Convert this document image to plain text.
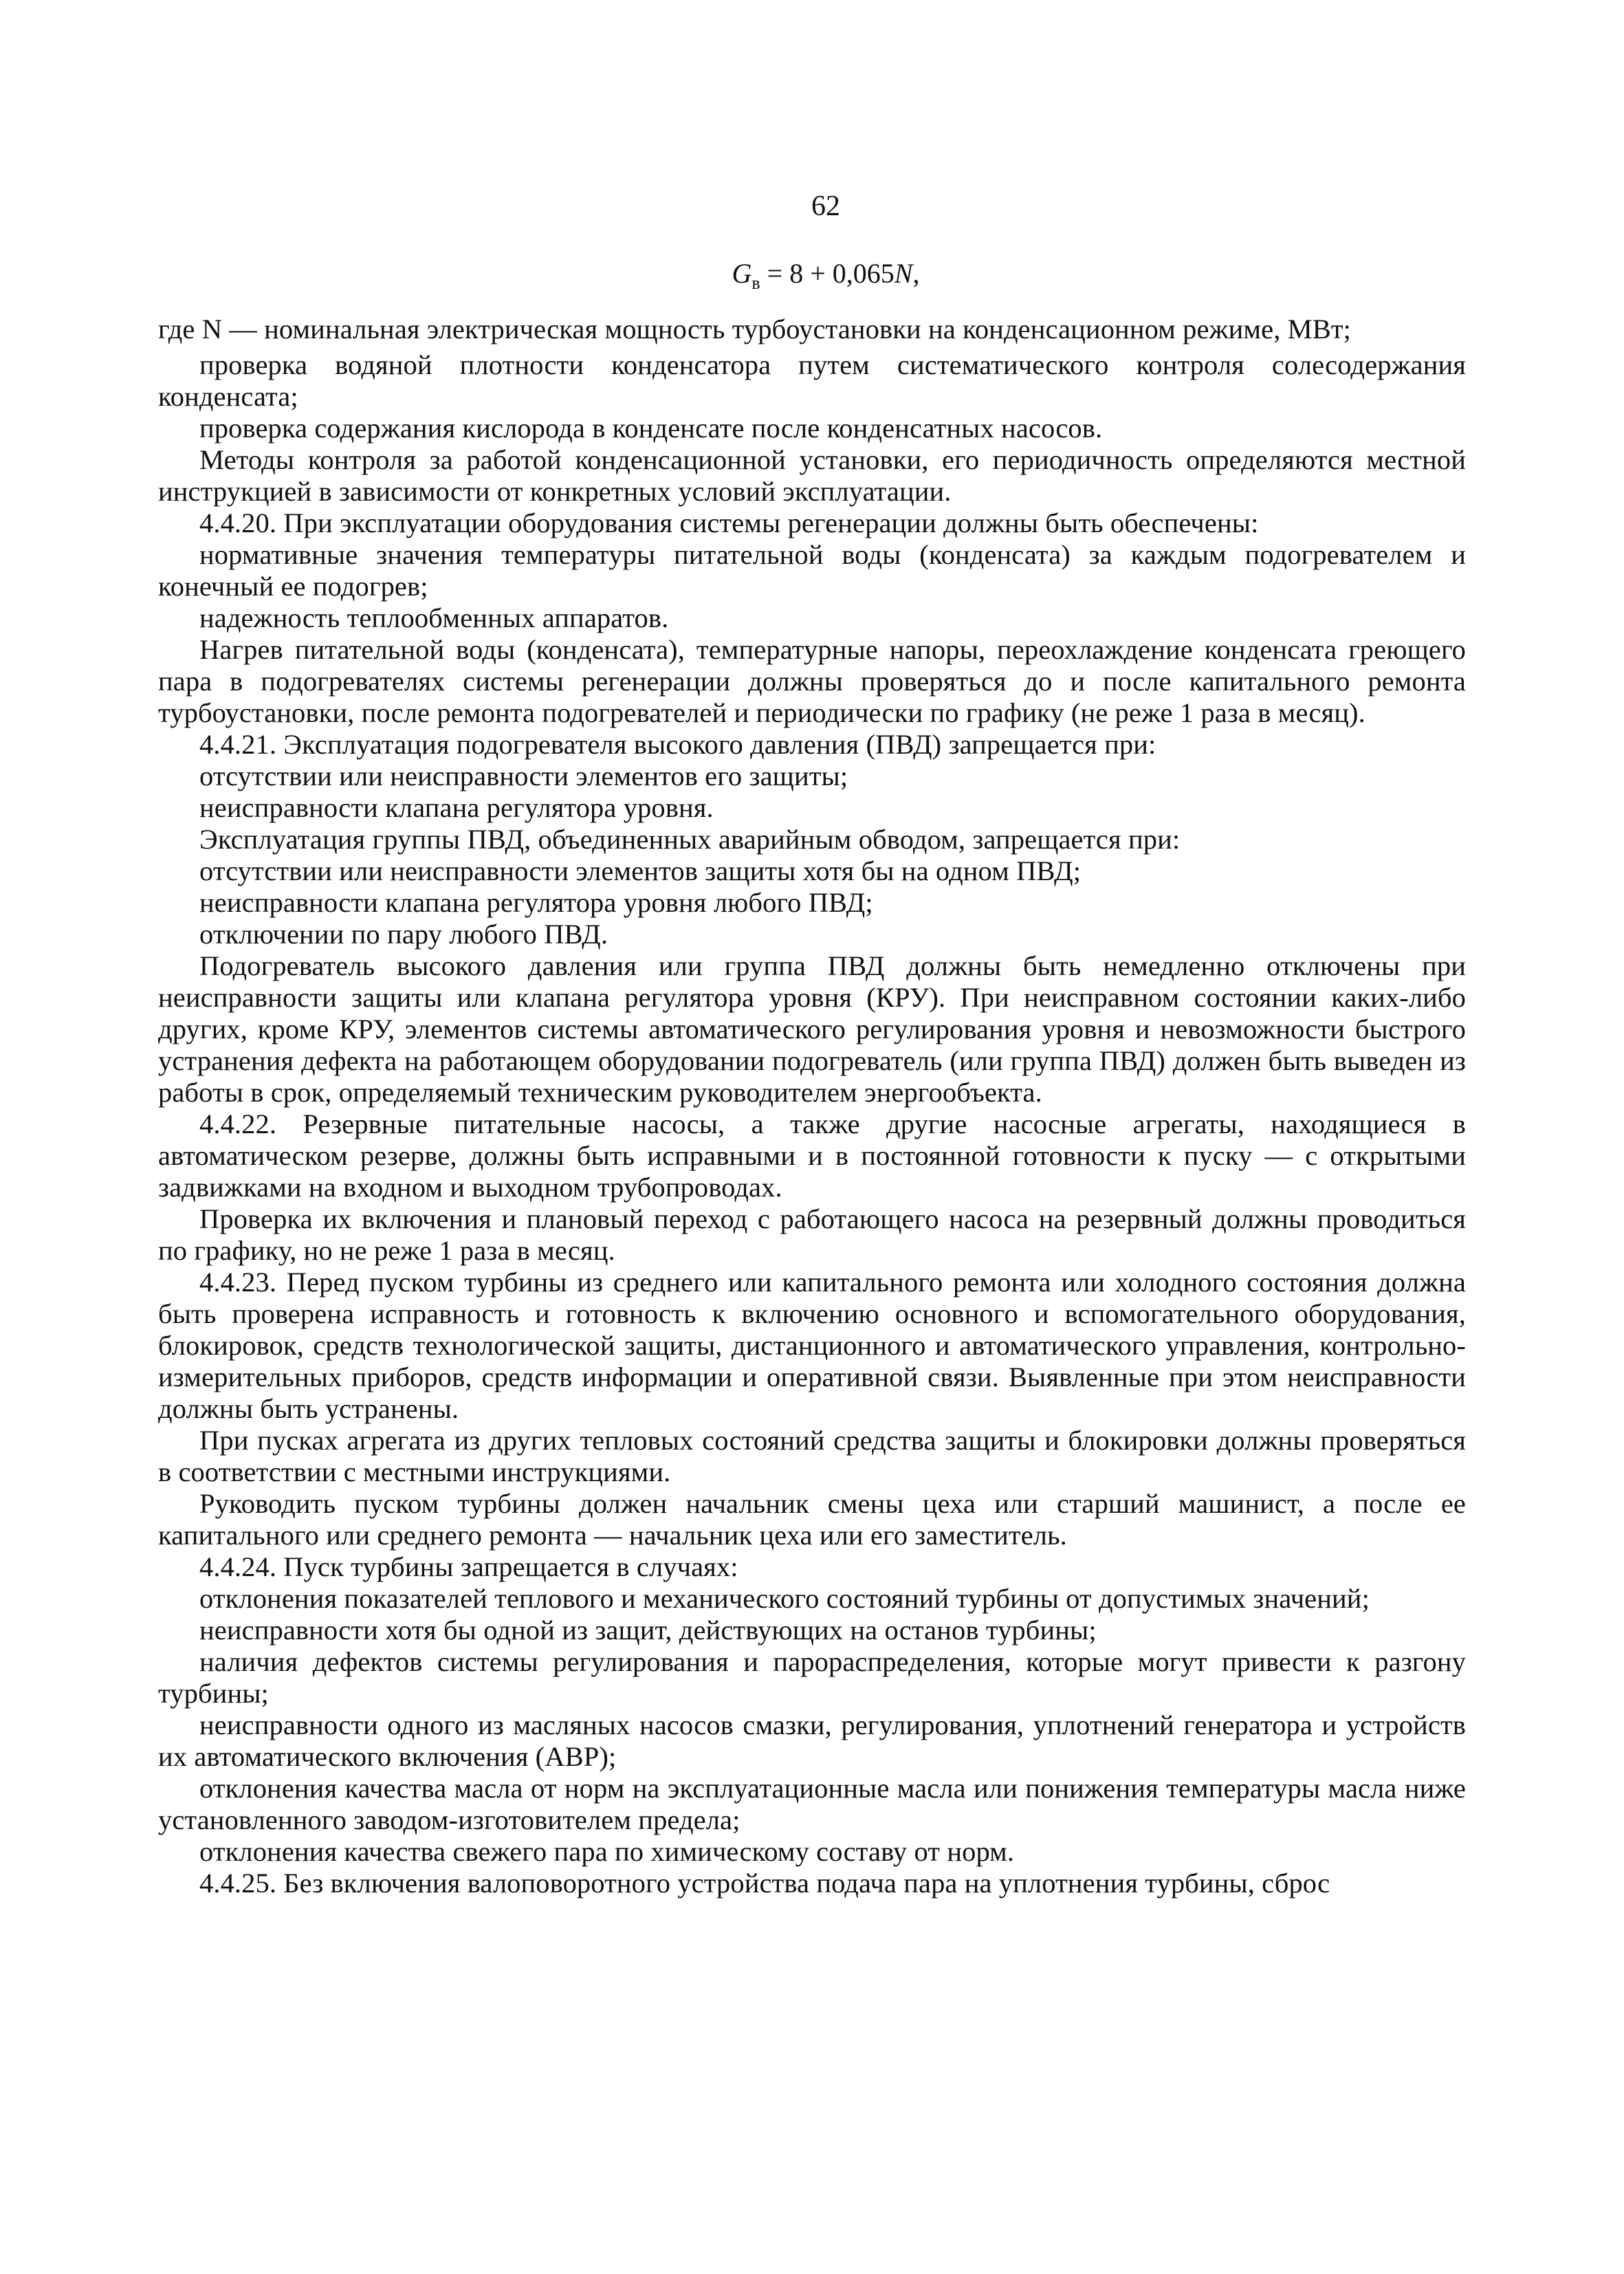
62
$G_в = 8 + 0,065N$,

где N — номинальная электрическая мощность турбоустановки на конденсационном режиме, МВт;

проверка водяной плотности конденсатора путем систематического контроля солесодержания конденсата;

проверка содержания кислорода в конденсате после конденсатных насосов.

Методы контроля за работой конденсационной установки, его периодичность определяются местной инструкцией в зависимости от конкретных условий эксплуатации.

4.4.20. При эксплуатации оборудования системы регенерации должны быть обеспечены:

нормативные значения температуры питательной воды (конденсата) за каждым подогревателем и конечный ее подогрев;

надежность теплообменных аппаратов.

Нагрев питательной воды (конденсата), температурные напоры, переохлаждение конденсата греющего пара в подогревателях системы регенерации должны проверяться до и после капитального ремонта турбоустановки, после ремонта подогревателей и периодически по графику (не реже 1 раза в месяц).

4.4.21. Эксплуатация подогревателя высокого давления (ПВД) запрещается при:

отсутствии или неисправности элементов его защиты;

неисправности клапана регулятора уровня.

Эксплуатация группы ПВД, объединенных аварийным обводом, запрещается при:

отсутствии или неисправности элементов защиты хотя бы на одном ПВД;

неисправности клапана регулятора уровня любого ПВД;

отключении по пару любого ПВД.

Подогреватель высокого давления или группа ПВД должны быть немедленно отключены при неисправности защиты или клапана регулятора уровня (КРУ). При неисправном состоянии каких-либо других, кроме КРУ, элементов системы автоматического регулирования уровня и невозможности быстрого устранения дефекта на работающем оборудовании подогреватель (или группа ПВД) должен быть выведен из работы в срок, определяемый техническим руководителем энергообъекта.

4.4.22. Резервные питательные насосы, а также другие насосные агрегаты, находящиеся в автоматическом резерве, должны быть исправными и в постоянной готовности к пуску — с открытыми задвижками на входном и выходном трубопроводах.

Проверка их включения и плановый переход с работающего насоса на резервный должны проводиться по графику, но не реже 1 раза в месяц.

4.4.23. Перед пуском турбины из среднего или капитального ремонта или холодного состояния должна быть проверена исправность и готовность к включению основного и вспомогательного оборудования, блокировок, средств технологической защиты, дистанционного и автоматического управления, контрольно-измерительных приборов, средств информации и оперативной связи. Выявленные при этом неисправности должны быть устранены.

При пусках агрегата из других тепловых состояний средства защиты и блокировки должны проверяться в соответствии с местными инструкциями.

Руководить пуском турбины должен начальник смены цеха или старший машинист, а после ее капитального или среднего ремонта — начальник цеха или его заместитель.

4.4.24. Пуск турбины запрещается в случаях:

отклонения показателей теплового и механического состояний турбины от допустимых значений;

неисправности хотя бы одной из защит, действующих на останов турбины;

наличия дефектов системы регулирования и парораспределения, которые могут привести к разгону турбины;

неисправности одного из масляных насосов смазки, регулирования, уплотнений генератора и устройств их автоматического включения (АВР);

отклонения качества масла от норм на эксплуатационные масла или понижения температуры масла ниже установленного заводом-изготовителем предела;

отклонения качества свежего пара по химическому составу от норм.

4.4.25. Без включения валоповоротного устройства подача пара на уплотнения турбины, сброс
